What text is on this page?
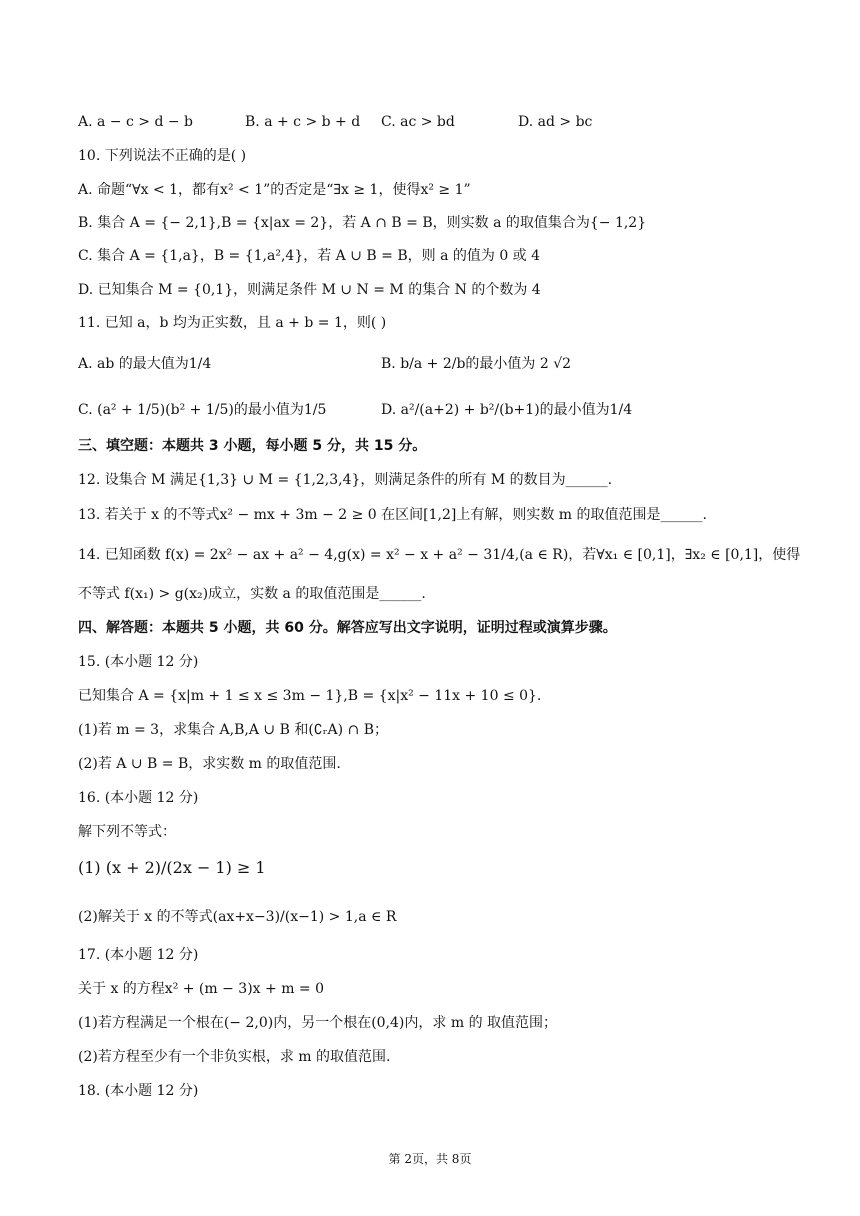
A. a − c > d − b	B. a + c > b + d C. ac > bd	D. ad > bc
10. 下列说法不正确的是( )
A. 命题“∀x < 1，都有x² < 1”的否定是“∃x ≥ 1，使得x² ≥ 1”
B. 集合 A = {− 2,1},B = {x|ax = 2}，若 A ∩ B = B，则实数 a 的取值集合为{− 1,2}
C. 集合 A = {1,a}，B = {1,a²,4}，若 A ∪ B = B，则 a 的值为 0 或 4
D. 已知集合 M = {0,1}，则满足条件 M ∪ N = M 的集合 N 的个数为 4
11. 已知 a，b 均为正实数，且 a + b = 1，则( )
A. ab 的最大值为1/4	B. b/a + 2/b的最小值为 2 √2
C. (a² + 1/5)(b² + 1/5)的最小值为1/5	D. a²/(a+2) + b²/(b+1)的最小值为1/4
三、填空题：本题共 3 小题，每小题 5 分，共 15 分。
12. 设集合 M 满足{1,3} ∪ M = {1,2,3,4}，则满足条件的所有 M 的数目为______.
13. 若关于 x 的不等式x² − mx + 3m − 2 ≥ 0 在区间[1,2]上有解，则实数 m 的取值范围是______.
14. 已知函数 f(x) = 2x² − ax + a² − 4,g(x) = x² − x + a² − 31/4,(a ∈ R)，若∀x₁ ∈ [0,1]，∃x₂ ∈ [0,1]，使得
不等式 f(x₁) > g(x₂)成立，实数 a 的取值范围是______.
四、解答题：本题共 5 小题，共 60 分。解答应写出文字说明，证明过程或演算步骤。
15. (本小题 12 分)
已知集合 A = {x|m + 1 ≤ x ≤ 3m − 1},B = {x|x² − 11x + 10 ≤ 0}.
(1)若 m = 3，求集合 A,B,A ∪ B 和(∁ᵣA) ∩ B；
(2)若 A ∪ B = B，求实数 m 的取值范围.
16. (本小题 12 分)
解下列不等式：
(1) (x + 2)/(2x − 1) ≥ 1
(2)解关于 x 的不等式(ax+x−3)/(x−1) > 1,a ∈ R
17. (本小题 12 分)
关于 x 的方程x² + (m − 3)x + m = 0
(1)若方程满足一个根在(− 2,0)内，另一个根在(0,4)内，求 m 的 取值范围；
(2)若方程至少有一个非负实根，求 m 的取值范围.
18. (本小题 12 分)
第 2页，共 8页
